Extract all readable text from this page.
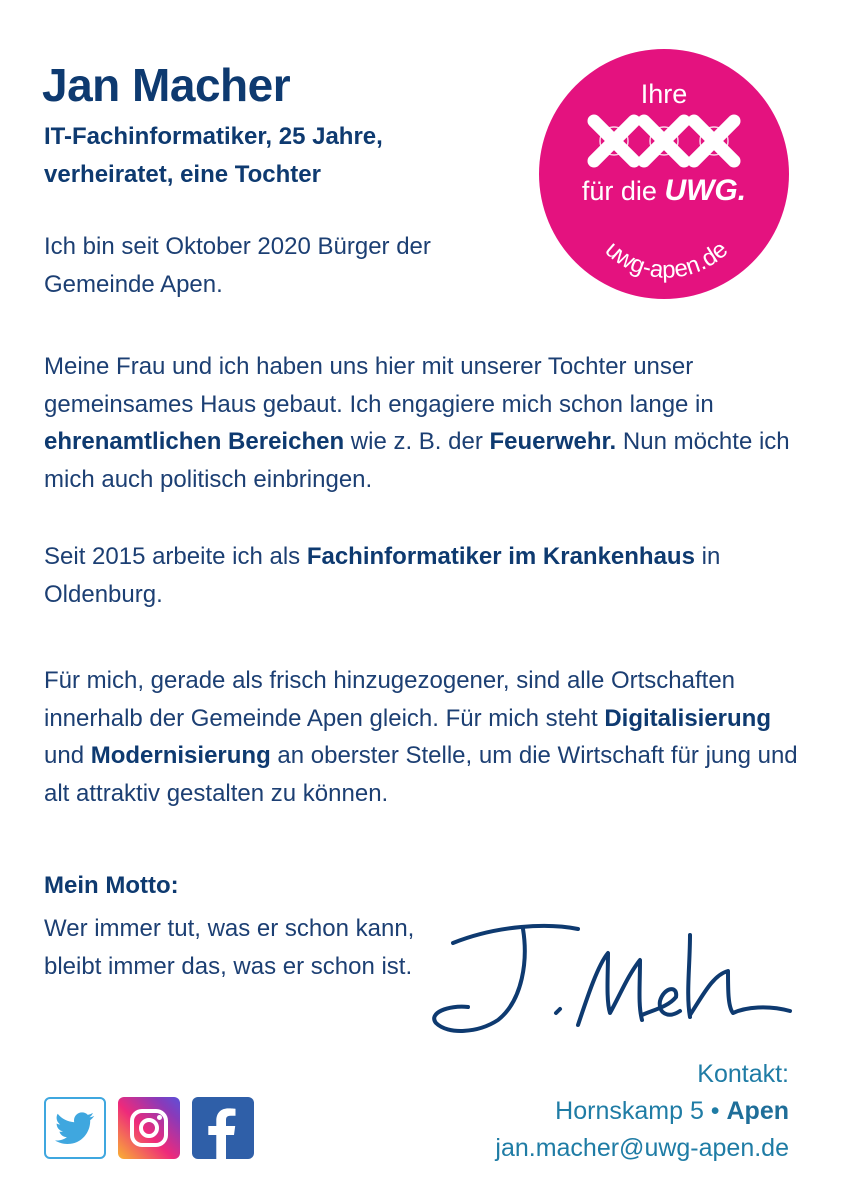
Jan Macher
IT-Fachinformatiker, 25 Jahre,
verheiratet, eine Tochter
Ihre
uwg-apen.de
für die UWG.

Ich bin seit Oktober 2020 Bürger der Gemeinde Apen.

Meine Frau und ich haben uns hier mit unserer Tochter unser gemeinsames Haus gebaut. Ich engagiere mich schon lange in ehrenamtlichen Bereichen wie z. B. der Feuerwehr. Nun möchte ich mich auch politisch einbringen.

Seit 2015 arbeite ich als Fachinformatiker im Krankenhaus in Oldenburg.

Für mich, gerade als frisch hinzugezogener, sind alle Ortschaften innerhalb der Gemeinde Apen gleich. Für mich steht Digitalisierung und Modernisierung an oberster Stelle, um die Wirtschaft für jung und alt attraktiv gestalten zu können.

Mein Motto:
Wer immer tut, was er schon kann,
bleibt immer das, was er schon ist.
Kontakt:
Hornskamp 5 • Apen
jan.macher@uwg-apen.de
